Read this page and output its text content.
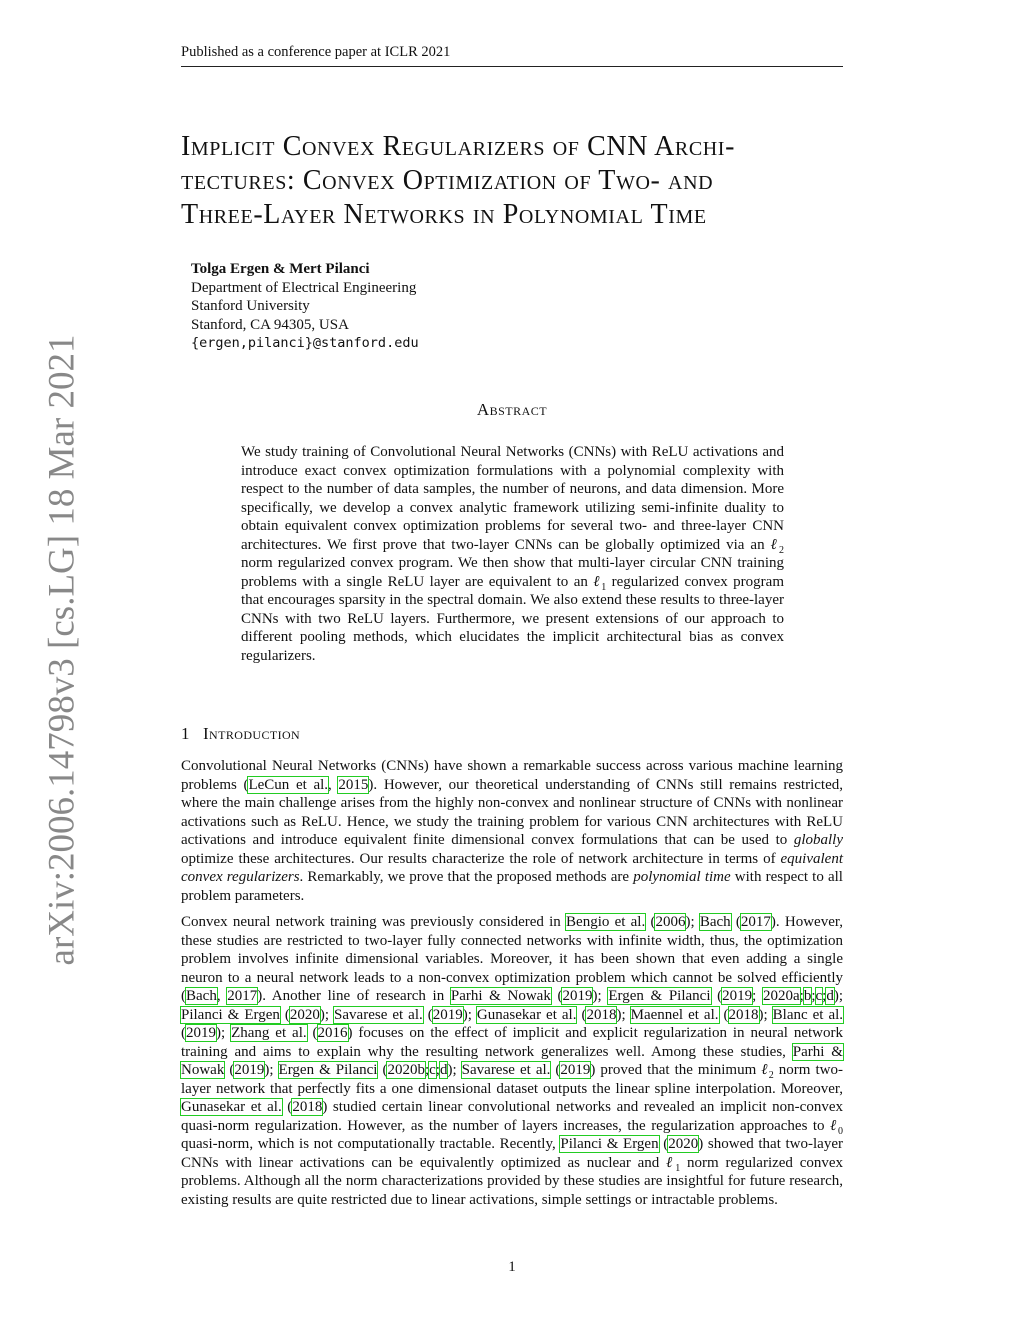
Published as a conference paper at ICLR 2021
arXiv:2006.14798v3 [cs.LG] 18 Mar 2021
Implicit Convex Regularizers of CNN Archi-
tectures: Convex Optimization of Two- and
Three-Layer Networks in Polynomial Time
Tolga Ergen & Mert Pilanci
Department of Electrical Engineering
Stanford University
Stanford, CA 94305, USA
{ergen,pilanci}@stanford.edu
Abstract

We study training of Convolutional Neural Networks (CNNs) with ReLU activations and introduce exact convex optimization formulations with a polynomial complexity with respect to the number of data samples, the number of neurons, and data dimension. More specifically, we develop a convex analytic framework utilizing semi-infinite duality to obtain equivalent convex optimization problems for several two- and three-layer CNN architectures. We first prove that two-layer CNNs can be globally optimized via an ℓ$_2$ norm regularized convex program. We then show that multi-layer circular CNN training problems with a single ReLU layer are equivalent to an ℓ$_1$ regularized convex program that encourages sparsity in the spectral domain. We also extend these results to three-layer CNNs with two ReLU layers. Furthermore, we present extensions of our approach to different pooling methods, which elucidates the implicit architectural bias as convex regularizers.

1 Introduction

Convolutional Neural Networks (CNNs) have shown a remarkable success across various machine learning problems (LeCun et al., 2015). However, our theoretical understanding of CNNs still remains restricted, where the main challenge arises from the highly non-convex and nonlinear structure of CNNs with nonlinear activations such as ReLU. Hence, we study the training problem for various CNN architectures with ReLU activations and introduce equivalent finite dimensional convex formulations that can be used to globally optimize these architectures. Our results characterize the role of network architecture in terms of equivalent convex regularizers. Remarkably, we prove that the proposed methods are polynomial time with respect to all problem parameters.

Convex neural network training was previously considered in Bengio et al. (2006); Bach (2017). However, these studies are restricted to two-layer fully connected networks with infinite width, thus, the optimization problem involves infinite dimensional variables. Moreover, it has been shown that even adding a single neuron to a neural network leads to a non-convex optimization problem which cannot be solved efficiently (Bach, 2017). Another line of research in Parhi & Nowak (2019); Ergen & Pilanci (2019; 2020a;b;c;d); Pilanci & Ergen (2020); Savarese et al. (2019); Gunasekar et al. (2018); Maennel et al. (2018); Blanc et al. (2019); Zhang et al. (2016) focuses on the effect of implicit and explicit regularization in neural network training and aims to explain why the resulting network generalizes well. Among these studies, Parhi & Nowak (2019); Ergen & Pilanci (2020b;c;d); Savarese et al. (2019) proved that the minimum ℓ$_2$ norm two-layer network that perfectly fits a one dimensional dataset outputs the linear spline interpolation. Moreover, Gunasekar et al. (2018) studied certain linear convolutional networks and revealed an implicit non-convex quasi-norm regularization. However, as the number of layers increases, the regularization approaches to ℓ$_0$ quasi-norm, which is not computationally tractable. Recently, Pilanci & Ergen (2020) showed that two-layer CNNs with linear activations can be equivalently optimized as nuclear and ℓ$_1$ norm regularized convex problems. Although all the norm characterizations provided by these studies are insightful for future research, existing results are quite restricted due to linear activations, simple settings or intractable problems.

1
